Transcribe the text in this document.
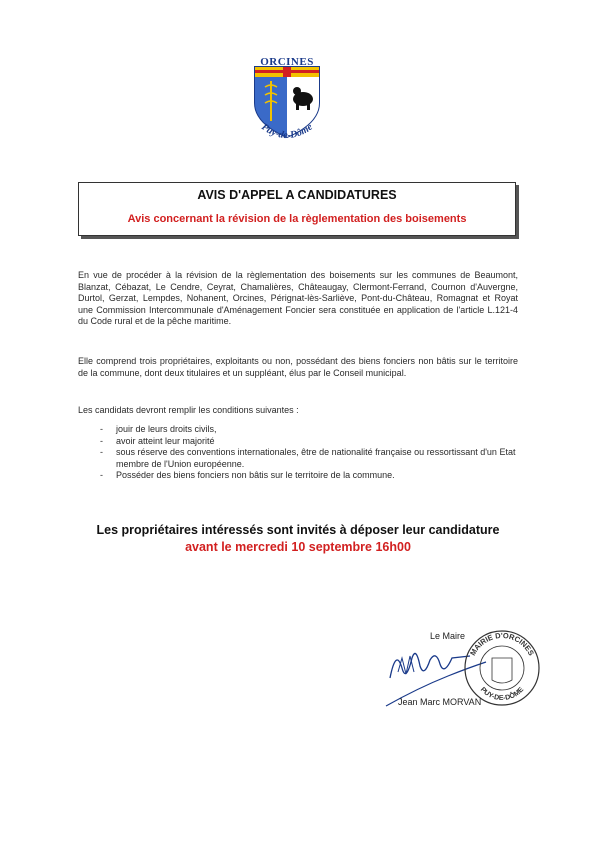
Puy-de-Dôme
ORCINES
AVIS D'APPEL A CANDIDATURES
Avis concernant la révision de la règlementation des boisements
En vue de procéder à la révision de la règlementation des boisements sur les communes de Beaumont, Blanzat, Cébazat, Le Cendre, Ceyrat, Chamalières, Châteaugay, Clermont-Ferrand, Cournon d'Auvergne, Durtol, Gerzat, Lempdes, Nohanent, Orcines, Pérignat-lès-Sarliève, Pont-du-Château, Romagnat et Royat une Commission Intercommunale d'Aménagement Foncier sera constituée en application de l'article L.121-4 du Code rural et de la pêche maritime.
Elle comprend trois propriétaires, exploitants ou non, possédant des biens fonciers non bâtis sur le territoire de la commune, dont deux titulaires et un suppléant, élus par le Conseil municipal.
Les candidats devront remplir les conditions suivantes :
- jouir de leurs droits civils,
- avoir atteint leur majorité
- sous réserve des conventions internationales, être de nationalité française ou ressortissant d'un Etat membre de l'Union européenne.
- Posséder des biens fonciers non bâtis sur le territoire de la commune.
Les propriétaires intéressés sont invités à déposer leur candidature
avant le mercredi 10 septembre 16h00
Le Maire
MAIRIE D'ORCINES
PUY-DE-DÔME
Jean Marc MORVAN
